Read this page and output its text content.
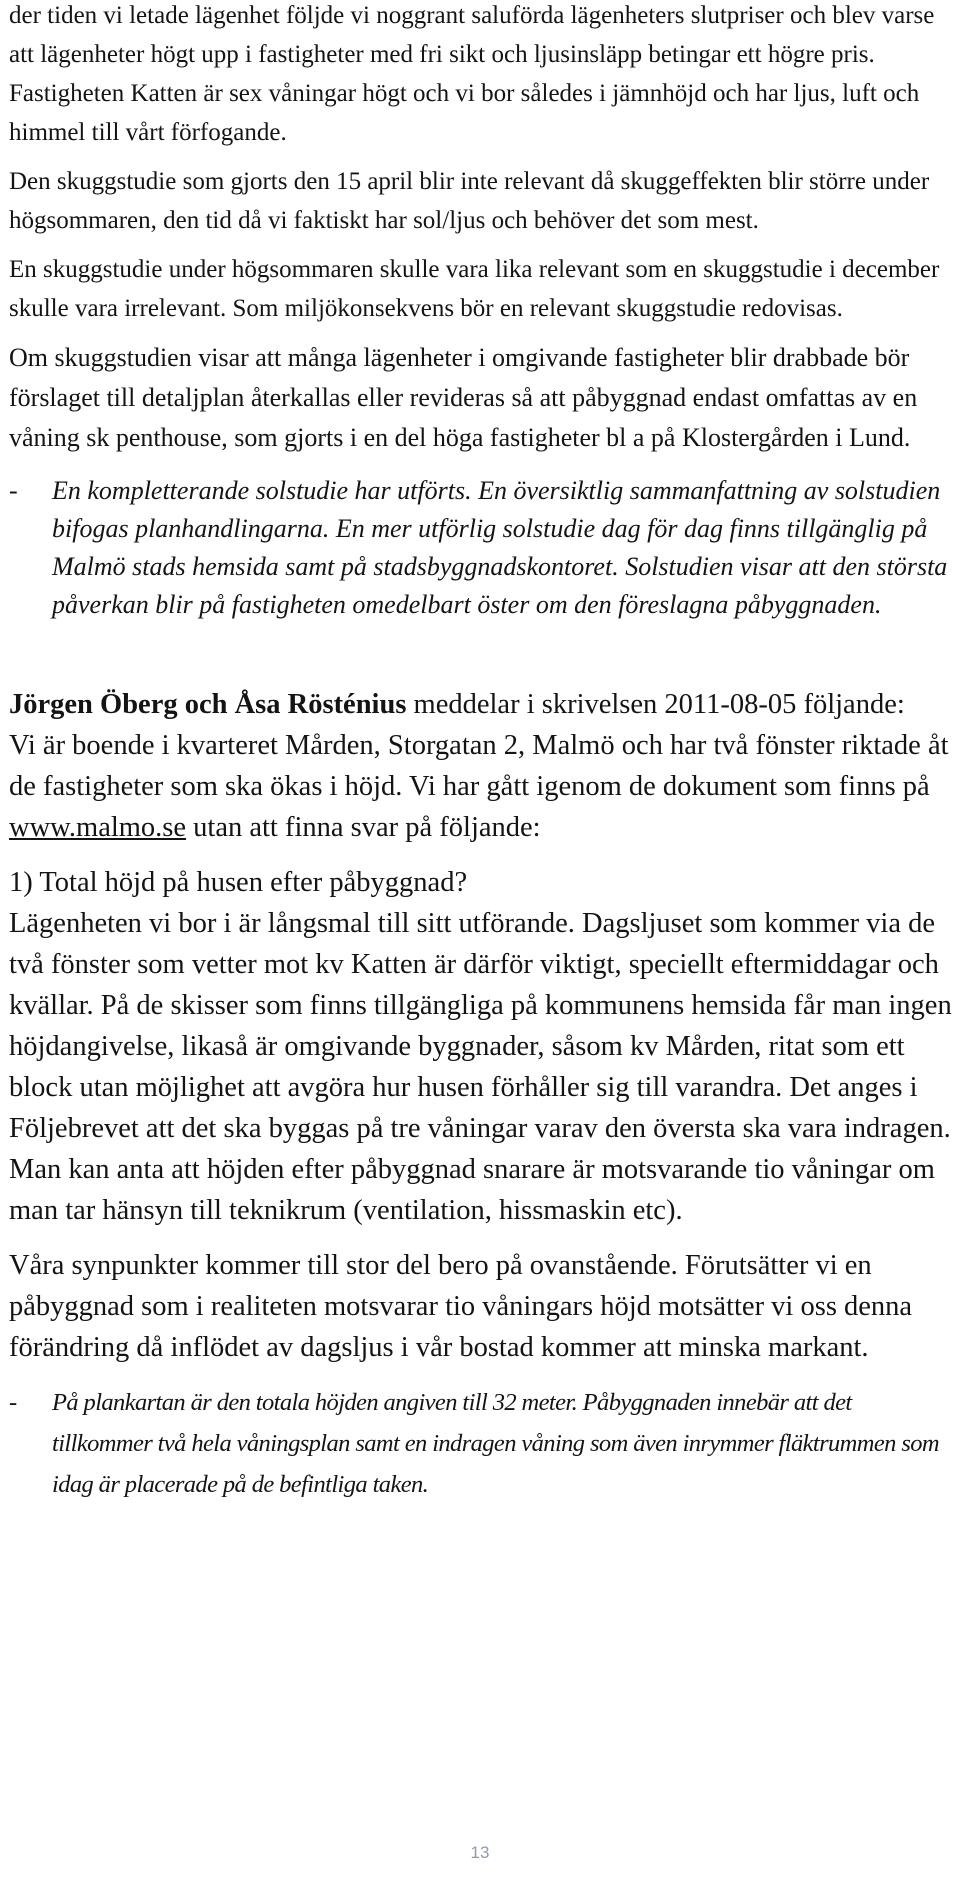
der tiden vi letade lägenhet följde vi noggrant saluförda lägenheters slutpriser och blev varse att lägenheter högt upp i fastigheter med fri sikt och ljusinsläpp betingar ett högre pris. Fastigheten Katten är sex våningar högt och vi bor således i jämnhöjd och har ljus, luft och himmel till vårt förfogande.

Den skuggstudie som gjorts den 15 april blir inte relevant då skuggeffekten blir större under högsommaren, den tid då vi faktiskt har sol/ljus och behöver det som mest.

En skuggstudie under högsommaren skulle vara lika relevant som en skuggstudie i december skulle vara irrelevant. Som miljökonsekvens bör en relevant skuggstudie redovisas.

Om skuggstudien visar att många lägenheter i omgivande fastigheter blir drabbade bör förslaget till detaljplan återkallas eller revideras så att påbyggnad endast omfattas av en våning sk penthouse, som gjorts i en del höga fastigheter bl a på Klostergården i Lund.

-	En kompletterande solstudie har utförts. En översiktlig sammanfattning av solstudien bifogas planhandlingarna. En mer utförlig solstudie dag för dag finns tillgänglig på Malmö stads hemsida samt på stadsbyggnadskontoret. Solstudien visar att den största påverkan blir på fastigheten omedelbart öster om den föreslagna påbyggnaden.

Jörgen Öberg och Åsa Rösténius meddelar i skrivelsen 2011-08-05 följande:
Vi är boende i kvarteret Mården, Storgatan 2, Malmö och har två fönster riktade åt de fastigheter som ska ökas i höjd. Vi har gått igenom de dokument som finns på www.malmo.se utan att finna svar på följande:

1) Total höjd på husen efter påbyggnad?
Lägenheten vi bor i är långsmal till sitt utförande. Dagsljuset som kommer via de två fönster som vetter mot kv Katten är därför viktigt, speciellt eftermiddagar och kvällar. På de skisser som finns tillgängliga på kommunens hemsida får man ingen höjdangivelse, likaså är omgivande byggnader, såsom kv Mården, ritat som ett block utan möjlighet att avgöra hur husen förhåller sig till varandra. Det anges i Följebrevet att det ska byggas på tre våningar varav den översta ska vara indragen. Man kan anta att höjden efter påbyggnad snarare är motsvarande tio våningar om man tar hänsyn till teknikrum (ventilation, hissmaskin etc).

Våra synpunkter kommer till stor del bero på ovanstående. Förutsätter vi en påbyggnad som i realiteten motsvarar tio våningars höjd motsätter vi oss denna förändring då inflödet av dagsljus i vår bostad kommer att minska markant.

-	På plankartan är den totala höjden angiven till 32 meter. Påbyggnaden innebär att det tillkommer två hela våningsplan samt en indragen våning som även inrymmer fläktrummen som idag är placerade på de befintliga taken.
13
